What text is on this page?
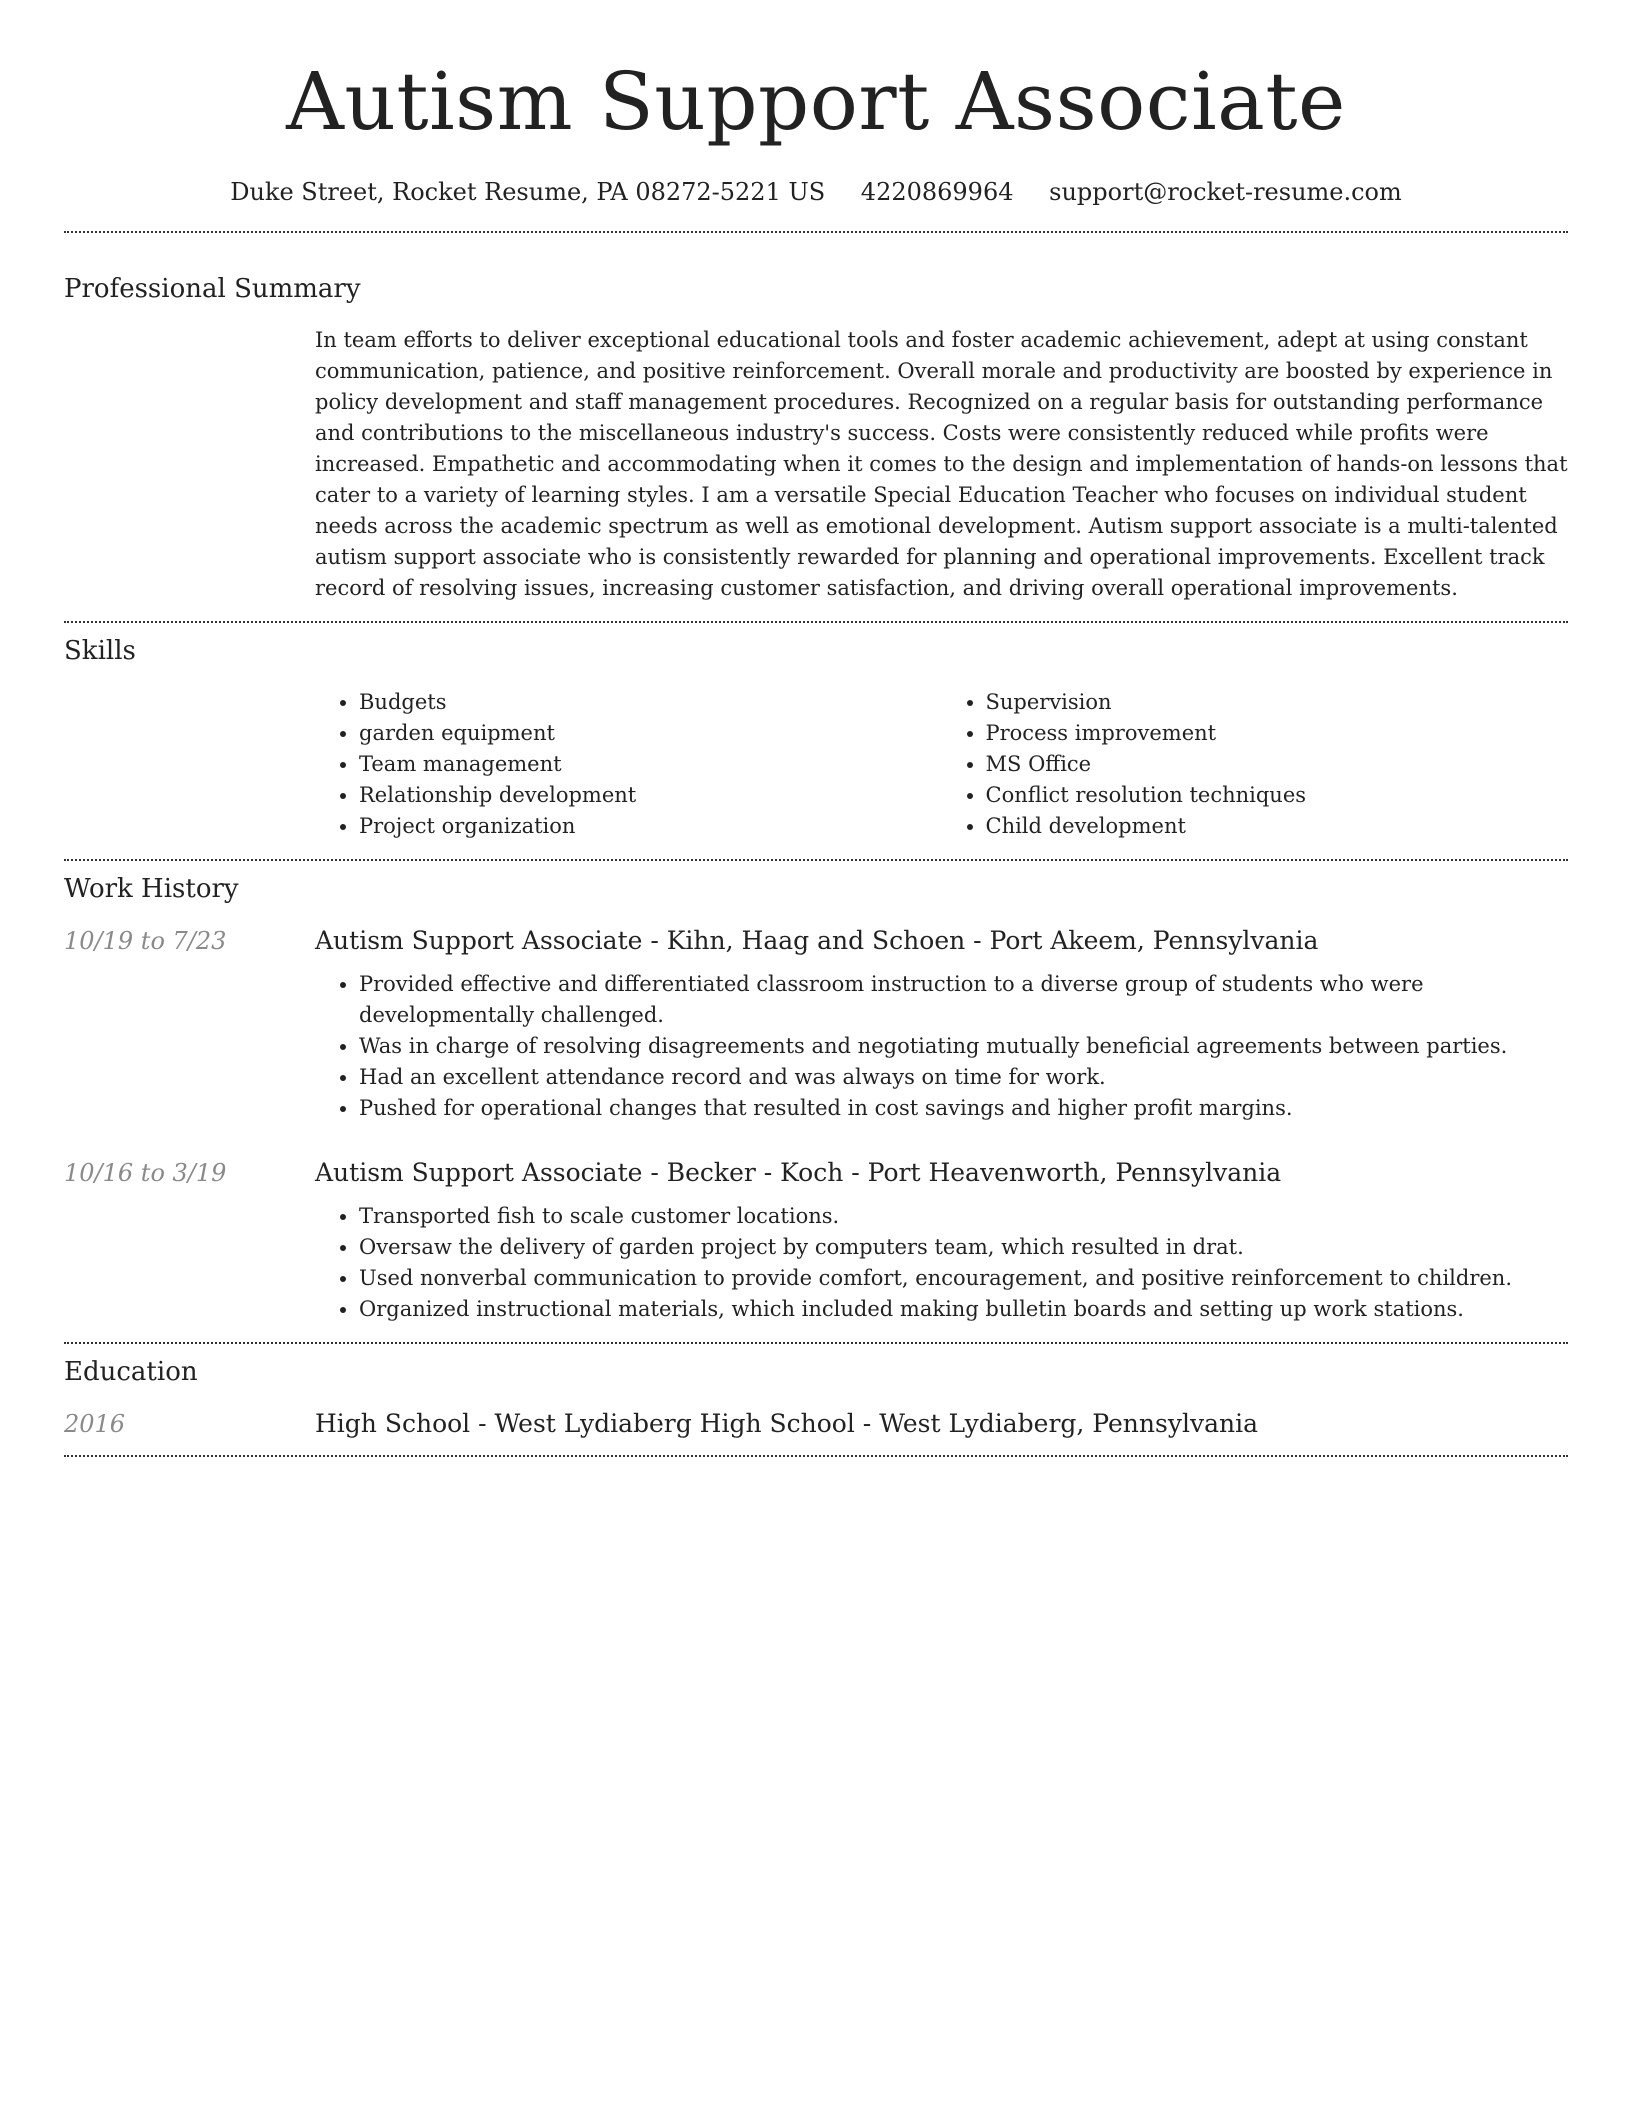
Autism Support Associate
Duke Street, Rocket Resume, PA 08272-5221 US 4220869964 support@rocket-resume.com
Professional Summary

In team efforts to deliver exceptional educational tools and foster academic achievement, adept at using constant communication, patience, and positive reinforcement. Overall morale and productivity are boosted by experience in policy development and staff management procedures. Recognized on a regular basis for outstanding performance and contributions to the miscellaneous industry's success. Costs were consistently reduced while profits were increased. Empathetic and accommodating when it comes to the design and implementation of hands-on lessons that cater to a variety of learning styles. I am a versatile Special Education Teacher who focuses on individual student needs across the academic spectrum as well as emotional development. Autism support associate is a multi-talented autism support associate who is consistently rewarded for planning and operational improvements. Excellent track record of resolving issues, increasing customer satisfaction, and driving overall operational improvements.

Skills
• Budgets
• garden equipment
• Team management
• Relationship development
• Project organization
• Supervision
• Process improvement
• MS Office
• Conflict resolution techniques
• Child development
Work History
10/19 to 7/23	Autism Support Associate - Kihn, Haag and Schoen - Port Akeem, Pennsylvania
• Provided effective and differentiated classroom instruction to a diverse group of students who were developmentally challenged.
• Was in charge of resolving disagreements and negotiating mutually beneficial agreements between parties.
• Had an excellent attendance record and was always on time for work.
• Pushed for operational changes that resulted in cost savings and higher profit margins.
10/16 to 3/19	Autism Support Associate - Becker - Koch - Port Heavenworth, Pennsylvania
• Transported fish to scale customer locations.
• Oversaw the delivery of garden project by computers team, which resulted in drat.
• Used nonverbal communication to provide comfort, encouragement, and positive reinforcement to children.
• Organized instructional materials, which included making bulletin boards and setting up work stations.
Education
2016	High School - West Lydiaberg High School - West Lydiaberg, Pennsylvania
